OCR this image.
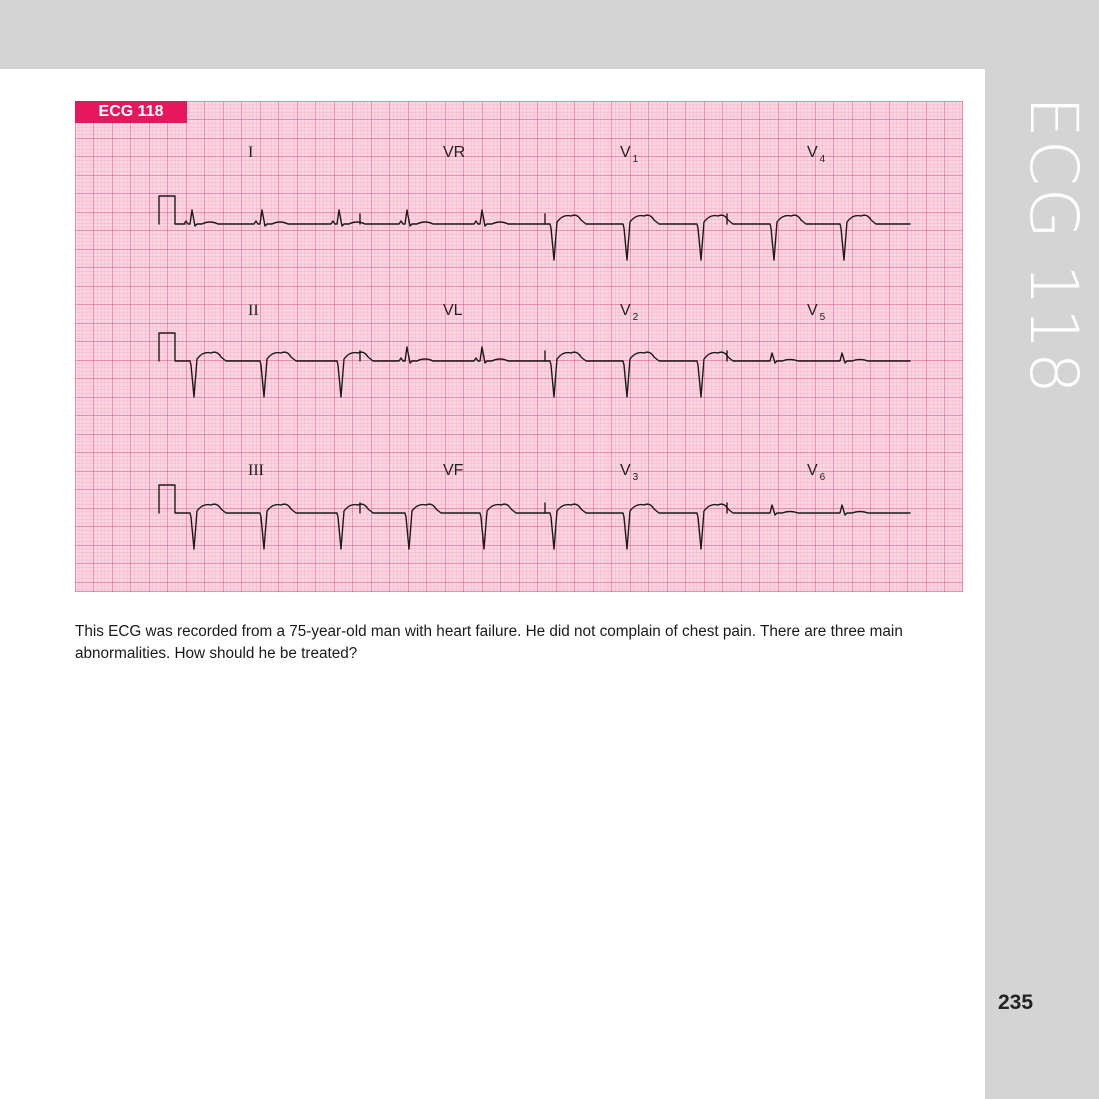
ECG 118
ECG 118
I	VR	V $_1$	V $_4$
II	VL	V $_2$	V $_5$
III	VF	V $_3$	V $_6$

This ECG was recorded from a 75-year-old man with heart failure. He did not complain of chest pain. There are three main abnormalities. How should he be treated?

235
